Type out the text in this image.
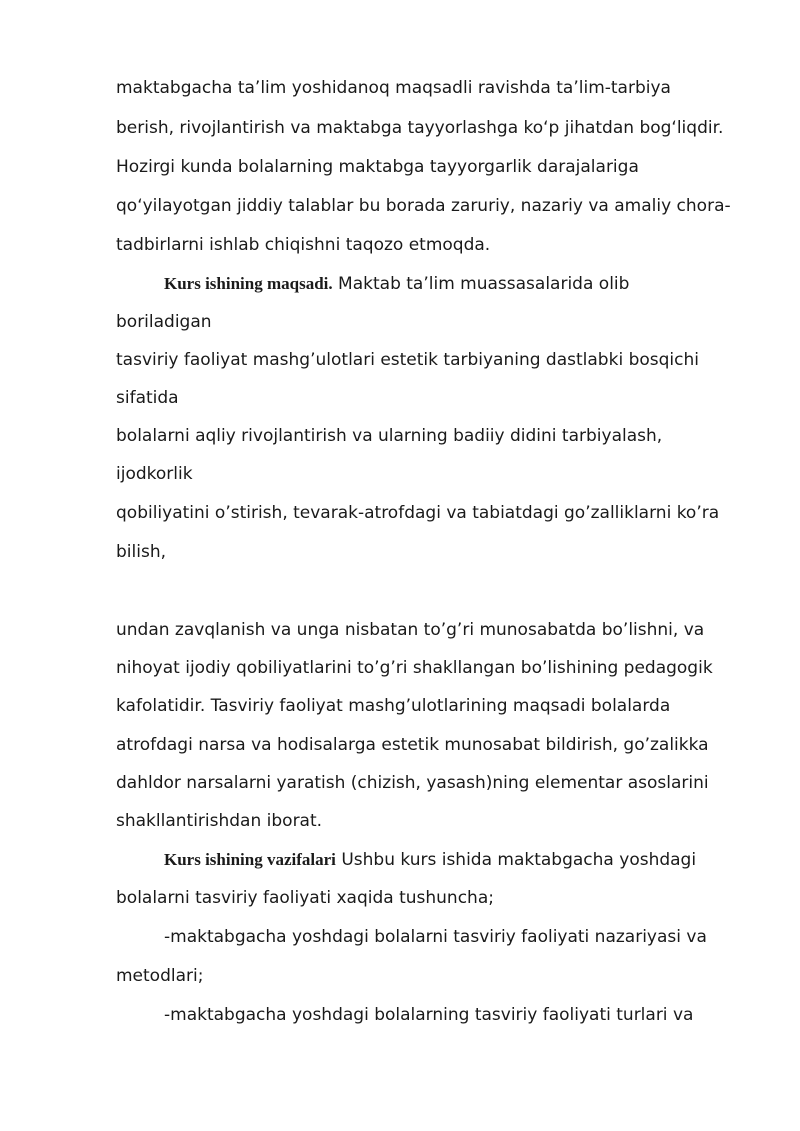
maktabgacha ta’lim yoshidanoq maqsadli ravishda ta’lim-tarbiya
berish, rivojlantirish va maktabga tayyorlashga ko‘p jihatdan bog‘liqdir.
Hozirgi kunda bolalarning maktabga tayyorgarlik darajalariga
qo‘yilayotgan jiddiy talablar bu borada zaruriy, nazariy va amaliy chora-
tadbirlarni ishlab chiqishni taqozo etmoqda.
Kurs ishining maqsadi. Maktab ta’lim muassasalarida olib
boriladigan
tasviriy faoliyat mashg’ulotlari estetik tarbiyaning dastlabki bosqichi
sifatida
bolalarni aqliy rivojlantirish va ularning badiiy didini tarbiyalash,
ijodkorlik
qobiliyatini o’stirish, tevarak-atrofdagi va tabiatdagi go’zalliklarni ko’ra
bilish,
undan zavqlanish va unga nisbatan to’g’ri munosabatda bo’lishni, va
nihoyat ijodiy qobiliyatlarini to’g’ri shakllangan bo’lishining pedagogik
kafolatidir. Tasviriy faoliyat mashg’ulotlarining maqsadi bolalarda
atrofdagi narsa va hodisalarga estetik munosabat bildirish, go’zalikka
dahldor narsalarni yaratish (chizish, yasash)ning elementar asoslarini
shakllantirishdan iborat.
Kurs ishining vazifalari Ushbu kurs ishida maktabgacha yoshdagi
bolalarni tasviriy faoliyati xaqida tushuncha;
-maktabgacha yoshdagi bolalarni tasviriy faoliyati nazariyasi va
metodlari;
-maktabgacha yoshdagi bolalarning tasviriy faoliyati turlari va
